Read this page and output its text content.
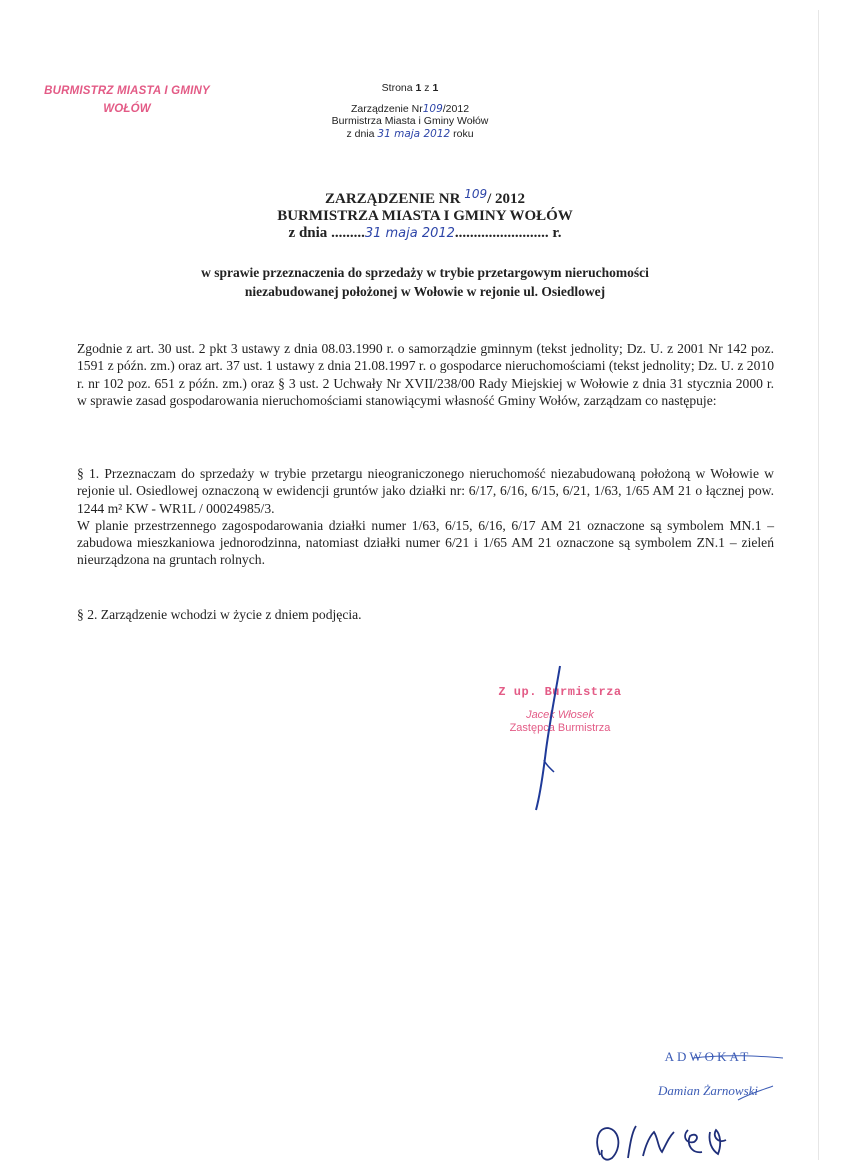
BURMISTRZ MIASTA I GMINY
WOŁÓW
Strona 1 z 1
Zarządzenie Nr109/2012
Burmistrza Miasta i Gminy Wołów
z dnia 31 maja 2012 roku
ZARZĄDZENIE NR $^{109}$/ 2012
BURMISTRZA MIASTA I GMINY WOŁÓW
z dnia .........31 maja 2012......................... r.
w sprawie przeznaczenia do sprzedaży w trybie przetargowym nieruchomości
niezabudowanej położonej w Wołowie w rejonie ul. Osiedlowej

Zgodnie z art. 30 ust. 2 pkt 3 ustawy z dnia 08.03.1990 r. o samorządzie gminnym (tekst jednolity; Dz. U. z 2001 Nr 142 poz. 1591 z późn. zm.) oraz art. 37 ust. 1 ustawy z dnia 21.08.1997 r. o gospodarce nieruchomościami (tekst jednolity; Dz. U. z 2010 r. nr 102 poz. 651 z późn. zm.) oraz § 3 ust. 2 Uchwały Nr XVII/238/00 Rady Miejskiej w Wołowie z dnia 31 stycznia 2000 r. w sprawie zasad gospodarowania nieruchomościami stanowiącymi własność Gminy Wołów, zarządzam co następuje:

§ 1. Przeznaczam do sprzedaży w trybie przetargu nieograniczonego nieruchomość niezabudowaną położoną w Wołowie w rejonie ul. Osiedlowej oznaczoną w ewidencji gruntów jako działki nr: 6/17, 6/16, 6/15, 6/21, 1/63, 1/65 AM 21 o łącznej pow. 1244 m² KW - WR1L / 00024985/3.

W planie przestrzennego zagospodarowania działki numer 1/63, 6/15, 6/16, 6/17 AM 21 oznaczone są symbolem MN.1 – zabudowa mieszkaniowa jednorodzinna, natomiast działki numer 6/21 i 1/65 AM 21 oznaczone są symbolem ZN.1 – zieleń nieurządzona na gruntach rolnych.

§ 2. Zarządzenie wchodzi w życie z dniem podjęcia.

Z up. Burmistrza
Jacek Włosek
Zastępca Burmistrza
ADWOKAT
Damian Żarnowski
